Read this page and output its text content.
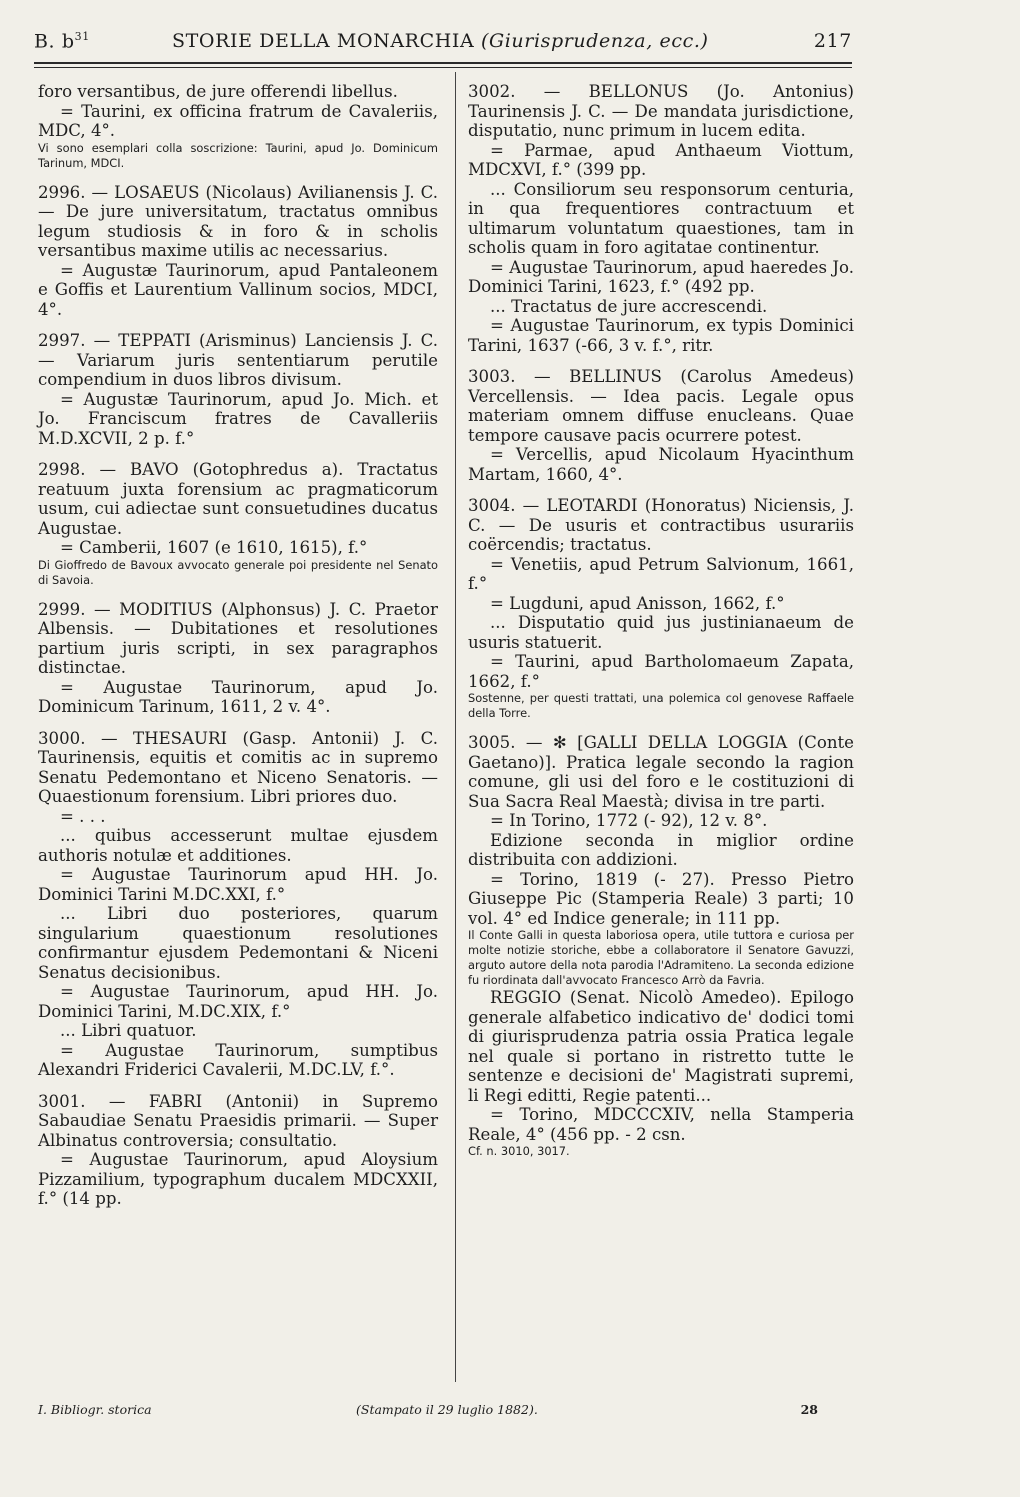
B. $b^{31}$	STORIE DELLA MONARCHIA (Giurisprudenza, ecc.)	217

foro versantibus, de jure offerendi libellus.

= Taurini, ex officina fratrum de Cavaleriis, MDC, 4°.

Vi sono esemplari colla soscrizione: Taurini, apud Jo. Dominicum Tarinum, MDCI.

2996. — LOSAEUS (Nicolaus) Avilianensis J. C. — De jure universitatum, tractatus omnibus legum studiosis & in foro & in scholis versantibus maxime utilis ac necessarius.

= Augustæ Taurinorum, apud Pantaleonem e Goffis et Laurentium Vallinum socios, MDCI, 4°.

2997. — TEPPATI (Arisminus) Lanciensis J. C. — Variarum juris sententiarum perutile compendium in duos libros divisum.

= Augustæ Taurinorum, apud Jo. Mich. et Jo. Franciscum fratres de Cavalleriis M.D.XCVII, 2 p. f.°

2998. — BAVO (Gotophredus a). Tractatus reatuum juxta forensium ac pragmaticorum usum, cui adiectae sunt consuetudines ducatus Augustae.

= Camberii, 1607 (e 1610, 1615), f.°

Di Gioffredo de Bavoux avvocato generale poi presidente nel Senato di Savoia.

2999. — MODITIUS (Alphonsus) J. C. Praetor Albensis. — Dubitationes et resolutiones partium juris scripti, in sex paragraphos distinctae.

= Augustae Taurinorum, apud Jo. Dominicum Tarinum, 1611, 2 v. 4°.

3000. — THESAURI (Gasp. Antonii) J. C. Taurinensis, equitis et comitis ac in supremo Senatu Pedemontano et Niceno Senatoris. — Quaestionum forensium. Libri priores duo.

= . . .

... quibus accesserunt multae ejusdem authoris notulæ et additiones.

= Augustae Taurinorum apud HH. Jo. Dominici Tarini M.DC.XXI, f.°

... Libri duo posteriores, quarum singularium quaestionum resolutiones confirmantur ejusdem Pedemontani & Niceni Senatus decisionibus.

= Augustae Taurinorum, apud HH. Jo. Dominici Tarini, M.DC.XIX, f.°

... Libri quatuor.

= Augustae Taurinorum, sumptibus Alexandri Friderici Cavalerii, M.DC.LV, f.°.

3001. — FABRI (Antonii) in Supremo Sabaudiae Senatu Praesidis primarii. — Super Albinatus controversia; consultatio.

= Augustae Taurinorum, apud Aloysium Pizzamilium, typographum ducalem MDCXXII, f.° (14 pp.

3002. — BELLONUS (Jo. Antonius) Taurinensis J. C. — De mandata jurisdictione, disputatio, nunc primum in lucem edita.

= Parmae, apud Anthaeum Viottum, MDCXVI, f.° (399 pp.

... Consiliorum seu responsorum centuria, in qua frequentiores contractuum et ultimarum voluntatum quaestiones, tam in scholis quam in foro agitatae continentur.

= Augustae Taurinorum, apud haeredes Jo. Dominici Tarini, 1623, f.° (492 pp.

... Tractatus de jure accrescendi.

= Augustae Taurinorum, ex typis Dominici Tarini, 1637 (-66, 3 v. f.°, ritr.

3003. — BELLINUS (Carolus Amedeus) Vercellensis. — Idea pacis. Legale opus materiam omnem diffuse enucleans. Quae tempore causave pacis ocurrere potest.

= Vercellis, apud Nicolaum Hyacinthum Martam, 1660, 4°.

3004. — LEOTARDI (Honoratus) Niciensis, J. C. — De usuris et contractibus usurariis coërcendis; tractatus.

= Venetiis, apud Petrum Salvionum, 1661, f.°

= Lugduni, apud Anisson, 1662, f.°

... Disputatio quid jus justinianaeum de usuris statuerit.

= Taurini, apud Bartholomaeum Zapata, 1662, f.°

Sostenne, per questi trattati, una polemica col genovese Raffaele della Torre.

3005. — ✻ [GALLI DELLA LOGGIA (Conte Gaetano)]. Pratica legale secondo la ragion comune, gli usi del foro e le costituzioni di Sua Sacra Real Maestà; divisa in tre parti.

= In Torino, 1772 (- 92), 12 v. 8°.

Edizione seconda in miglior ordine distribuita con addizioni.

= Torino, 1819 (- 27). Presso Pietro Giuseppe Pic (Stamperia Reale) 3 parti; 10 vol. 4° ed Indice generale; in 111 pp.

Il Conte Galli in questa laboriosa opera, utile tuttora e curiosa per molte notizie storiche, ebbe a collaboratore il Senatore Gavuzzi, arguto autore della nota parodia l'Adramiteno. La seconda edizione fu riordinata dall'avvocato Francesco Arrò da Favria.

REGGIO (Senat. Nicolò Amedeo). Epilogo generale alfabetico indicativo de' dodici tomi di giurisprudenza patria ossia Pratica legale nel quale si portano in ristretto tutte le sentenze e decisioni de' Magistrati supremi, li Regi editti, Regie patenti...

= Torino, MDCCCXIV, nella Stamperia Reale, 4° (456 pp. - 2 csn.

Cf. n. 3010, 3017.

I. Bibliogr. storica	(Stampato il 29 luglio 1882).	28
